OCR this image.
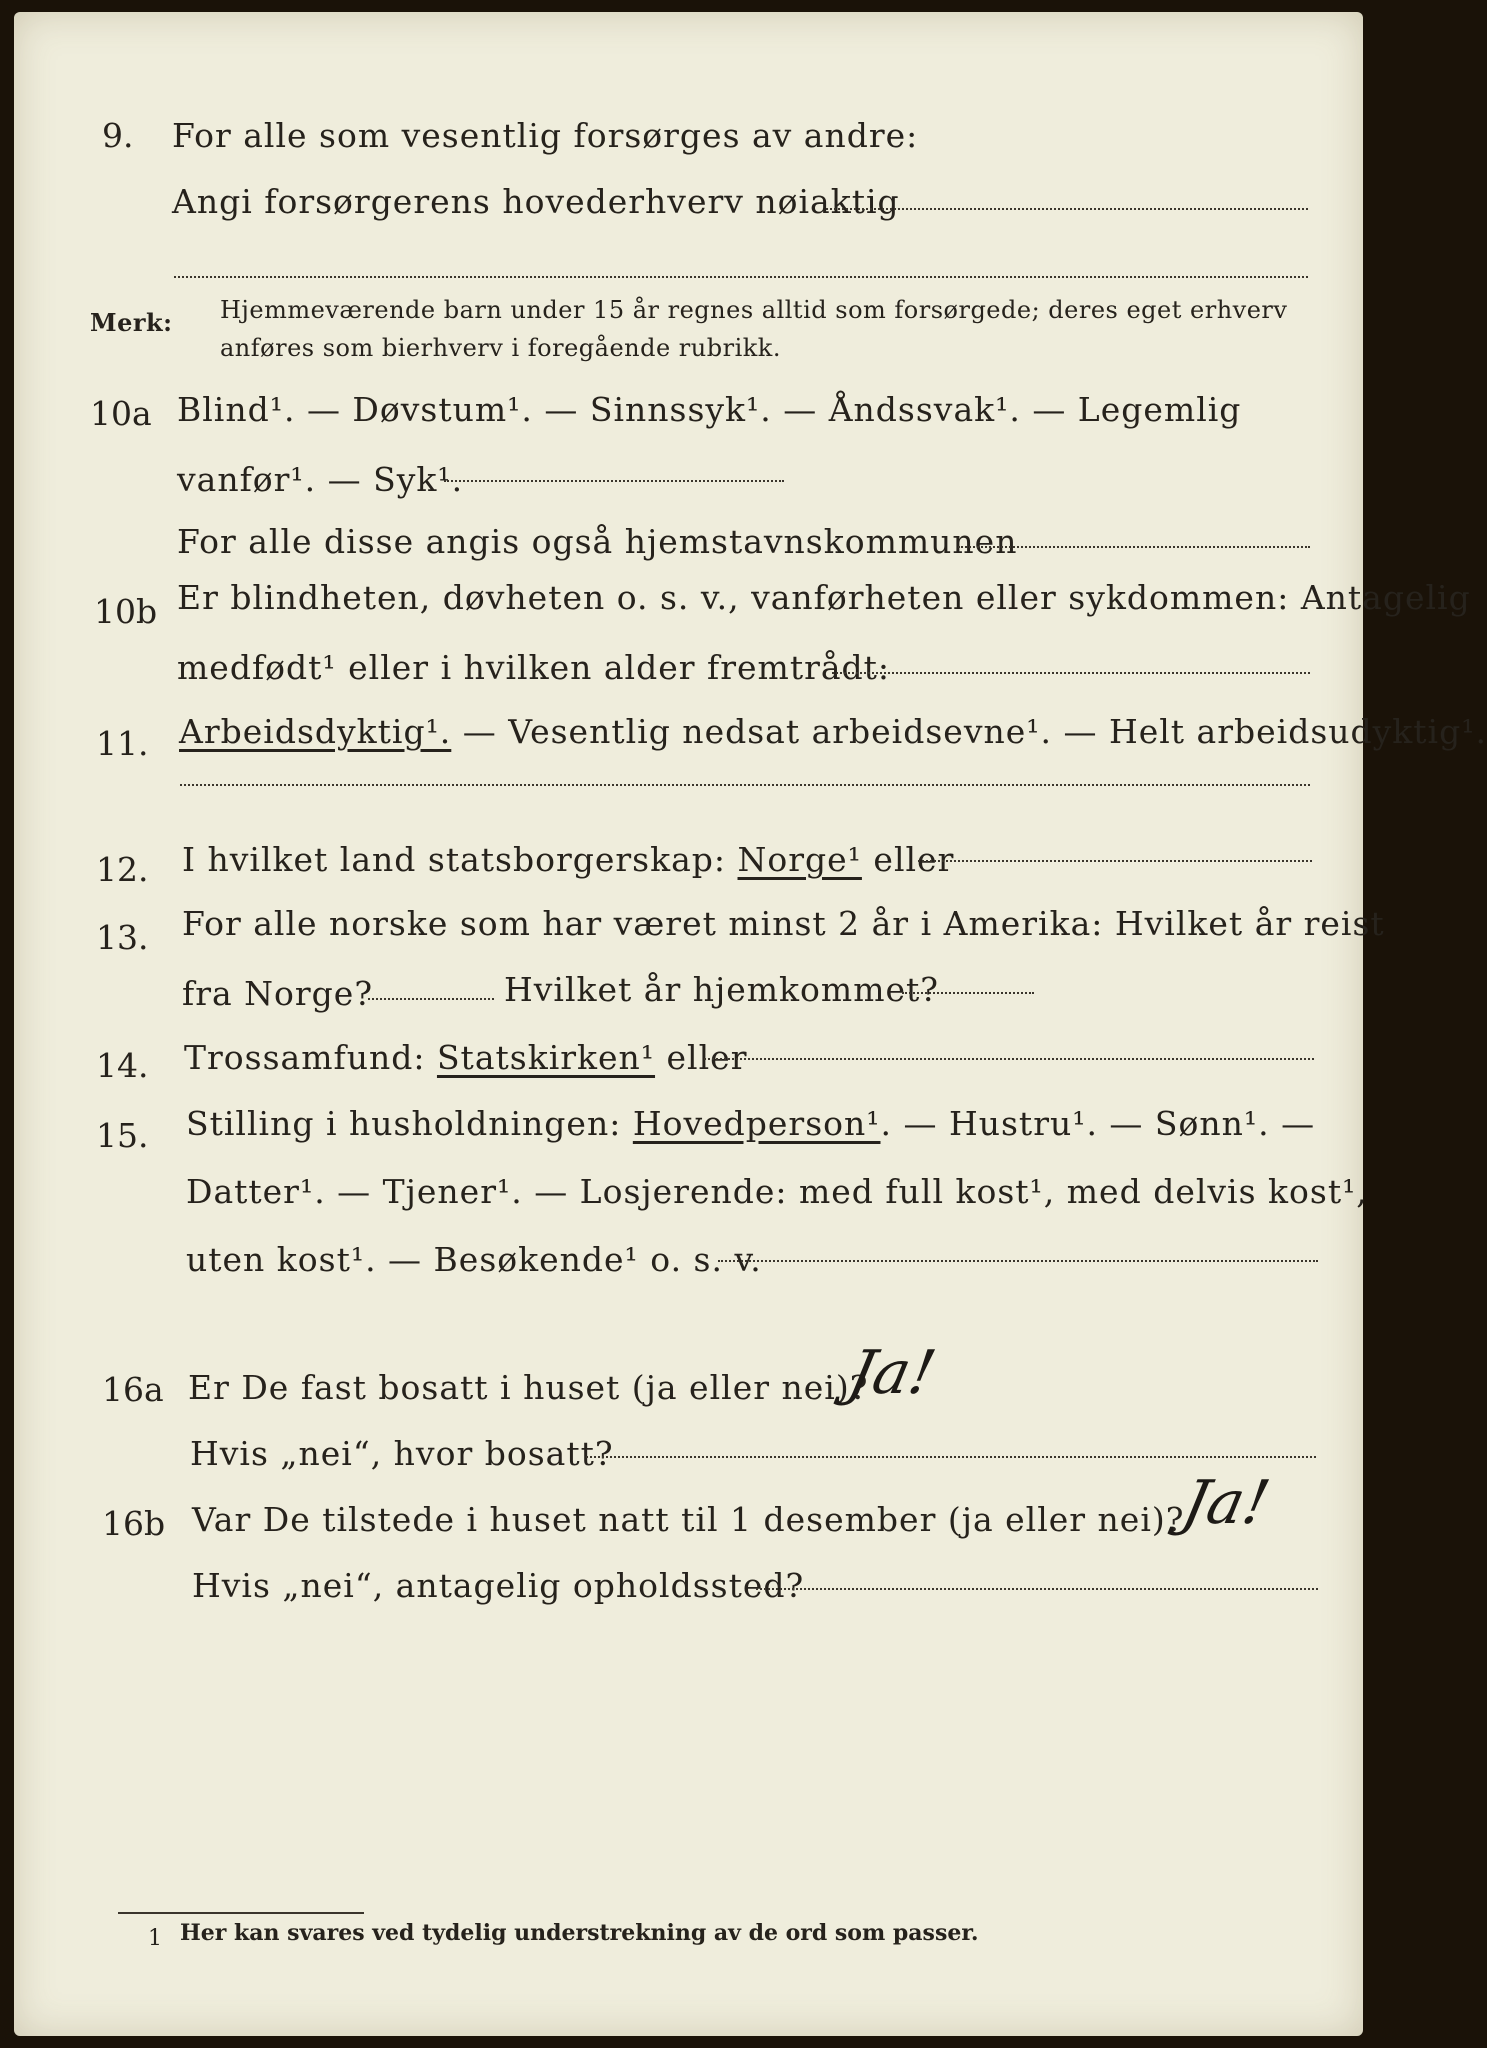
9. For alle som vesentlig forsørges av andre:
Angi forsørgerens hovederhverv nøiaktig
Merk: Hjemmeværende barn under 15 år regnes alltid som forsørgede; deres eget erhverv
anføres som bierhverv i foregående rubrikk.
10a Blind¹. — Døvstum¹. — Sinnssyk¹. — Åndssvak¹. — Legemlig
vanfør¹. — Syk¹.
For alle disse angis også hjemstavnskommunen
10b Er blindheten, døvheten o. s. v., vanførheten eller sykdommen: Antagelig
medfødt¹ eller i hvilken alder fremtrådt:
11. Arbeidsdyktig¹. — Vesentlig nedsat arbeidsevne¹. — Helt arbeidsudyktig¹.
12. I hvilket land statsborgerskap: Norge¹ eller
13. For alle norske som har været minst 2 år i Amerika: Hvilket år reist
fra Norge?	Hvilket år hjemkommet?
14. Trossamfund: Statskirken¹ eller
15. Stilling i husholdningen: Hovedperson¹. — Hustru¹. — Sønn¹. —
Datter¹. — Tjener¹. — Losjerende: med full kost¹, med delvis kost¹,
uten kost¹. — Besøkende¹ o. s. v.
16a Er De fast bosatt i huset (ja eller nei)?
Ja!
Hvis „nei“, hvor bosatt?
16b Var De tilstede i huset natt til 1 desember (ja eller nei)?
Ja!
Hvis „nei“, antagelig opholdssted?
1 Her kan svares ved tydelig understrekning av de ord som passer.
